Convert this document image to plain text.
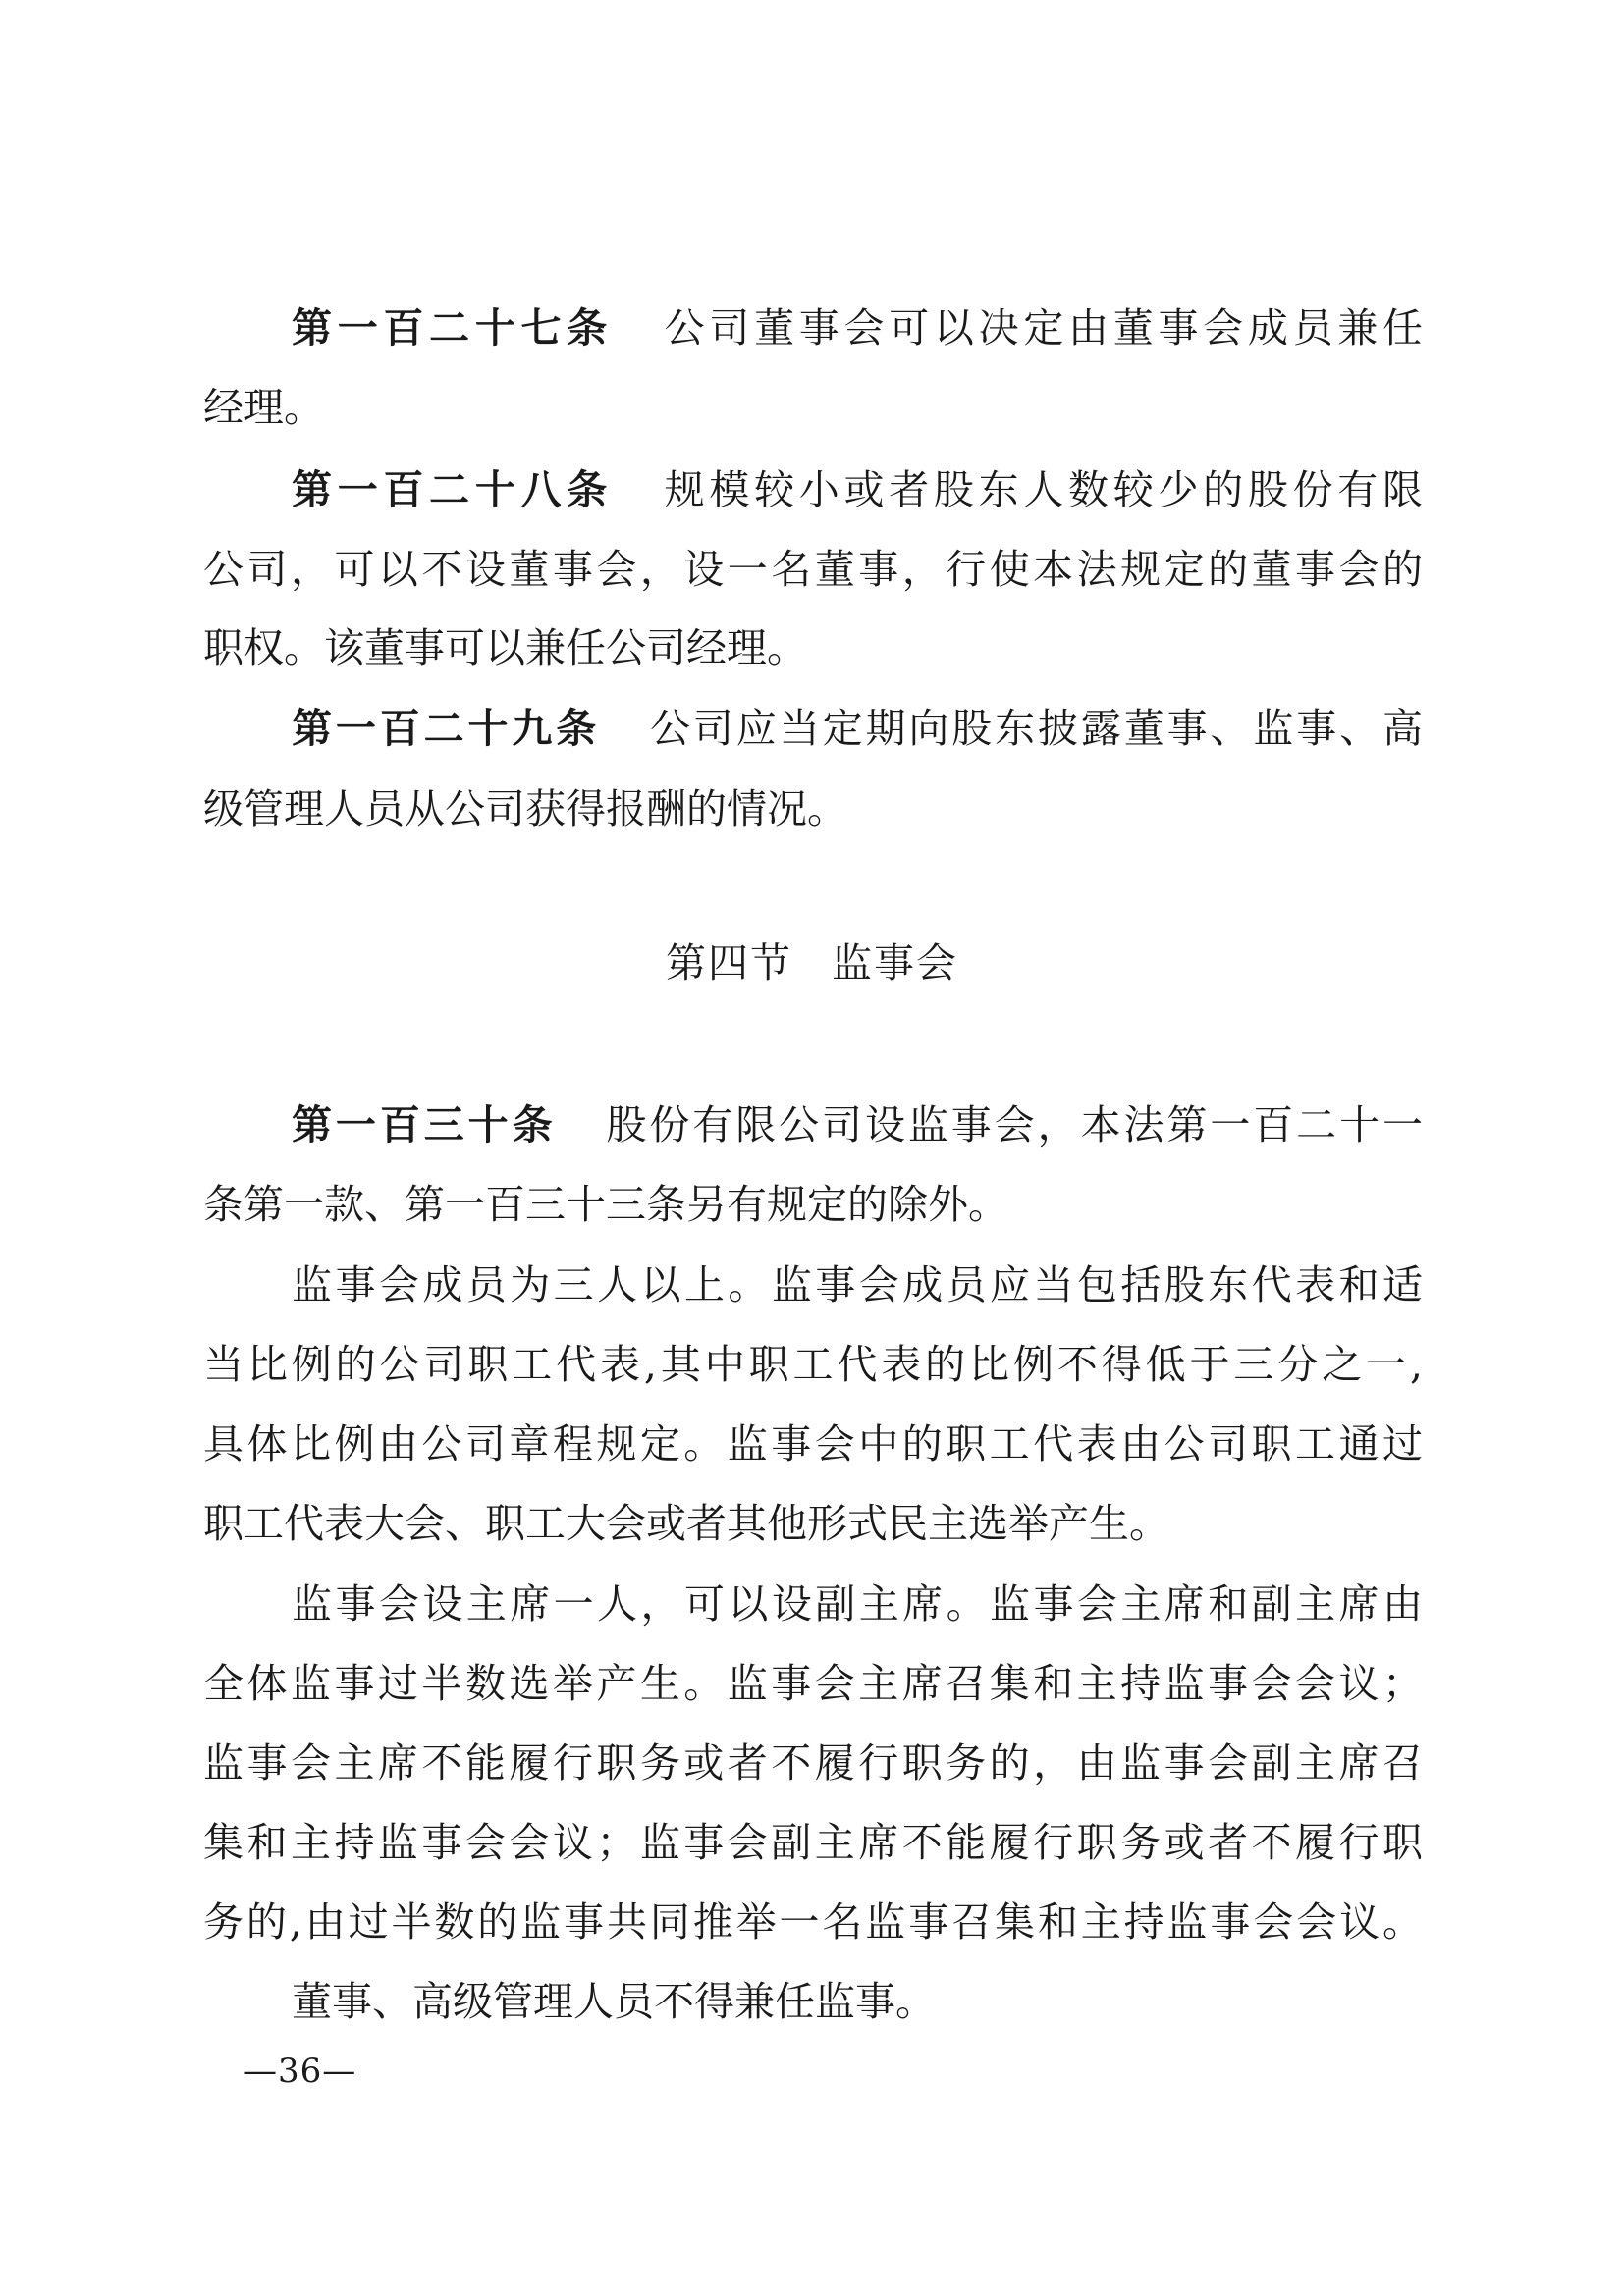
第一百二十七条 公司董事会可以决定由董事会成员兼任
经理。
第一百二十八条 规模较小或者股东人数较少的股份有限
公司，可以不设董事会，设一名董事，行使本法规定的董事会的
职权。该董事可以兼任公司经理。
第一百二十九条 公司应当定期向股东披露董事、监事、高
级管理人员从公司获得报酬的情况。
第四节 监事会
第一百三十条 股份有限公司设监事会，本法第一百二十一
条第一款、第一百三十三条另有规定的除外。
监事会成员为三人以上。监事会成员应当包括股东代表和适
当比例的公司职工代表,其中职工代表的比例不得低于三分之一,
具体比例由公司章程规定。监事会中的职工代表由公司职工通过
职工代表大会、职工大会或者其他形式民主选举产生。
监事会设主席一人，可以设副主席。监事会主席和副主席由
全体监事过半数选举产生。监事会主席召集和主持监事会会议；
监事会主席不能履行职务或者不履行职务的，由监事会副主席召
集和主持监事会会议；监事会副主席不能履行职务或者不履行职
务的,由过半数的监事共同推举一名监事召集和主持监事会会议。
董事、高级管理人员不得兼任监事。
—36—
